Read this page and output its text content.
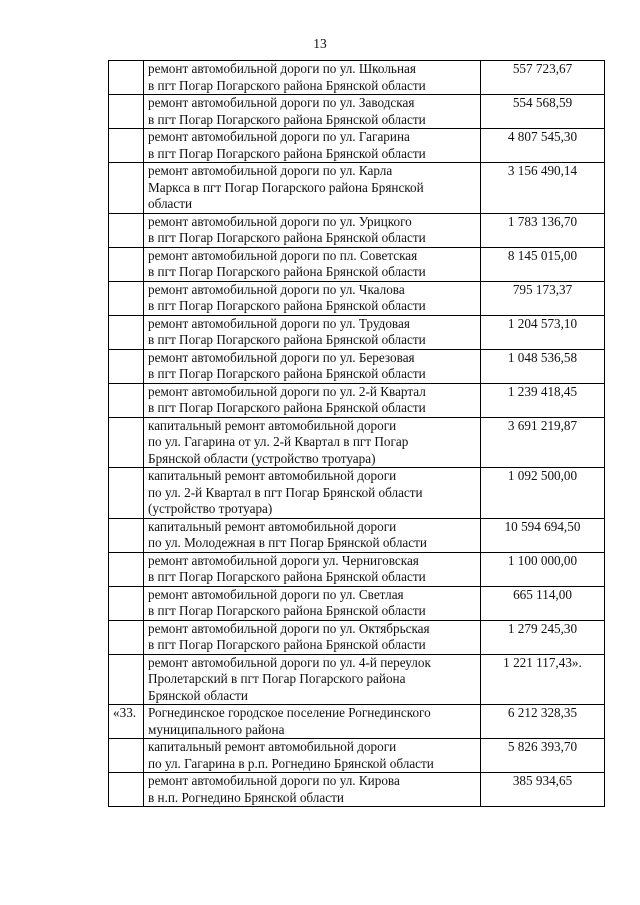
13

	ремонт автомобильной дороги по ул. Школьная
в пгт Погар Погарского района Брянской области	557 723,67

	ремонт автомобильной дороги по ул. Заводская
в пгт Погар Погарского района Брянской области	554 568,59

	ремонт автомобильной дороги по ул. Гагарина
в пгт Погар Погарского района Брянской области	4 807 545,30

	ремонт автомобильной дороги по ул. Карла
Маркса в пгт Погар Погарского района Брянской
области	3 156 490,14

	ремонт автомобильной дороги по ул. Урицкого
в пгт Погар Погарского района Брянской области	1 783 136,70

	ремонт автомобильной дороги по пл. Советская
в пгт Погар Погарского района Брянской области	8 145 015,00

	ремонт автомобильной дороги по ул. Чкалова
в пгт Погар Погарского района Брянской области	795 173,37

	ремонт автомобильной дороги по ул. Трудовая
в пгт Погар Погарского района Брянской области	1 204 573,10

	ремонт автомобильной дороги по ул. Березовая
в пгт Погар Погарского района Брянской области	1 048 536,58

	ремонт автомобильной дороги по ул. 2-й Квартал
в пгт Погар Погарского района Брянской области	1 239 418,45

	капитальный ремонт автомобильной дороги
по ул. Гагарина от ул. 2-й Квартал в пгт Погар
Брянской области (устройство тротуара)	3 691 219,87

	капитальный ремонт автомобильной дороги
по ул. 2-й Квартал в пгт Погар Брянской области
(устройство тротуара)	1 092 500,00

	капитальный ремонт автомобильной дороги
по ул. Молодежная в пгт Погар Брянской области	10 594 694,50

	ремонт автомобильной дороги ул. Черниговская
в пгт Погар Погарского района Брянской области	1 100 000,00

	ремонт автомобильной дороги по ул. Светлая
в пгт Погар Погарского района Брянской области	665 114,00

	ремонт автомобильной дороги по ул. Октябрьская
в пгт Погар Погарского района Брянской области	1 279 245,30

	ремонт автомобильной дороги по ул. 4-й переулок
Пролетарский в пгт Погар Погарского района
Брянской области	1 221 117,43».
«33.	Рогнединское городское поселение Рогнединского
муниципального района	6 212 328,35

	капитальный ремонт автомобильной дороги
по ул. Гагарина в р.п. Рогнедино Брянской области	5 826 393,70

	ремонт автомобильной дороги по ул. Кирова
в н.п. Рогнедино Брянской области	385 934,65
